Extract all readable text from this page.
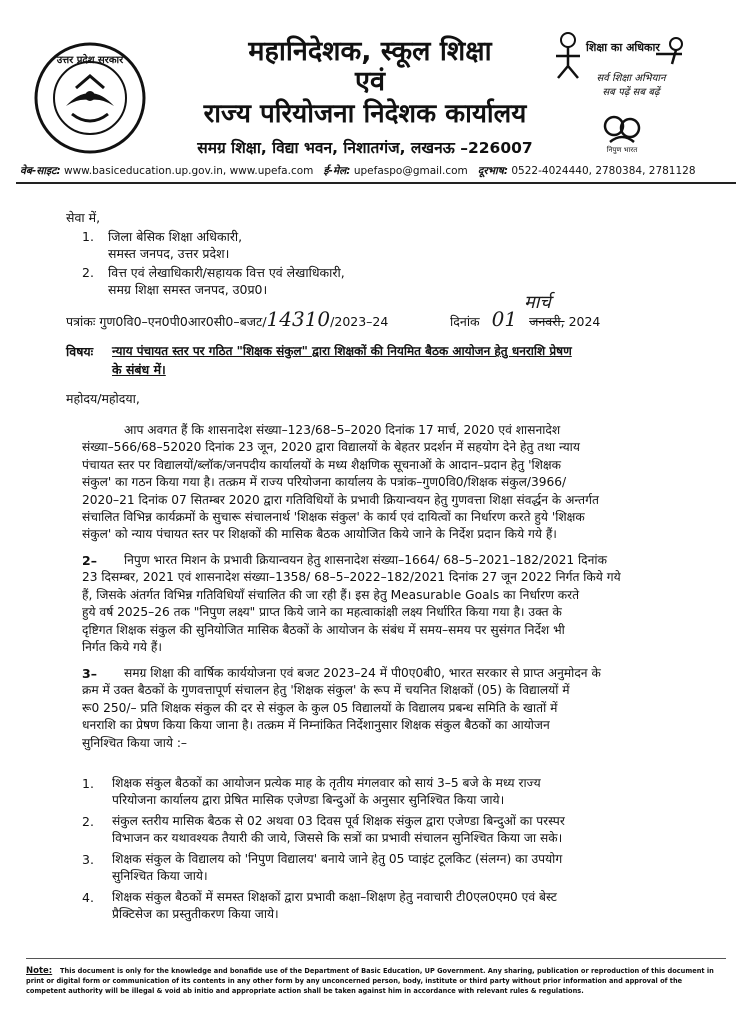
उत्तर प्रदेश सरकार	महानिदेशक, स्कूल शिक्षा
एवं
राज्य परियोजना निदेशक कार्यालय
समग्र शिक्षा, विद्या भवन, निशातगंज, लखनऊ –226007
शिक्षा का अधिकार
सर्व शिक्षा अभियान
सब पढ़ें सब बढ़ें
निपुण भारत
वेब-साइट: www.basiceducation.up.gov.in, www.upefa.com ई-मेल: upefaspo@gmail.com दूरभाष: 0522-4024440, 2780384, 2781128
सेवा में,
1. जिला बेसिक शिक्षा अधिकारी,
समस्त जनपद, उत्तर प्रदेश।
2. वित्त एवं लेखाधिकारी/सहायक वित्त एवं लेखाधिकारी,
समग्र शिक्षा समस्त जनपद, उ0प्र0।
पत्रांकः गुण0वि0–एन0पी0आर0सी0–बजट/14310/2023–24	दिनांक 01 जनवरी, 2024
मार्च
विषयः न्याय पंचायत स्तर पर गठित "शिक्षक संकुल" द्वारा शिक्षकों की नियमित बैठक आयोजन हेतु धनराशि प्रेषण
के संबंध में।
महोदय/महोदया,
आप अवगत हैं कि शासनादेश संख्या–123/68–5–2020 दिनांक 17 मार्च, 2020 एवं शासनादेश
संख्या–566/68–52020 दिनांक 23 जून, 2020 द्वारा विद्यालयों के बेहतर प्रदर्शन में सहयोग देने हेतु तथा न्याय
पंचायत स्तर पर विद्यालयों/ब्लॉक/जनपदीय कार्यालयों के मध्य शैक्षणिक सूचनाओं के आदान–प्रदान हेतु 'शिक्षक
संकुल' का गठन किया गया है। तत्क्रम में राज्य परियोजना कार्यालय के पत्रांक–गुण0वि0/शिक्षक संकुल/3966/
2020–21 दिनांक 07 सितम्बर 2020 द्वारा गतिविधियों के प्रभावी क्रियान्वयन हेतु गुणवत्ता शिक्षा संवर्द्धन के अन्तर्गत
संचालित विभिन्न कार्यक्रमों के सुचारू संचालनार्थ 'शिक्षक संकुल' के कार्य एवं दायित्वों का निर्धारण करते हुये 'शिक्षक
संकुल' को न्याय पंचायत स्तर पर शिक्षकों की मासिक बैठक आयोजित किये जाने के निर्देश प्रदान किये गये हैं।
2–	निपुण भारत मिशन के प्रभावी क्रियान्वयन हेतु शासनादेश संख्या–1664/ 68–5–2021–182/2021 दिनांक
23 दिसम्बर, 2021 एवं शासनादेश संख्या–1358/ 68–5–2022–182/2021 दिनांक 27 जून 2022 निर्गत किये गये
हैं, जिसके अंतर्गत विभिन्न गतिविधियाँ संचालित की जा रही हैं। इस हेतु Measurable Goals का निर्धारण करते
हुये वर्ष 2025–26 तक "निपुण लक्ष्य" प्राप्त किये जाने का महत्वाकांक्षी लक्ष्य निर्धारित किया गया है। उक्त के
दृष्टिगत शिक्षक संकुल की सुनियोजित मासिक बैठकों के आयोजन के संबंध में समय–समय पर सुसंगत निर्देश भी
निर्गत किये गये हैं।
3–	समग्र शिक्षा की वार्षिक कार्ययोजना एवं बजट 2023–24 में पी0ए0बी0, भारत सरकार से प्राप्त अनुमोदन के
क्रम में उक्त बैठकों के गुणवत्तापूर्ण संचालन हेतु 'शिक्षक संकुल' के रूप में चयनित शिक्षकों (05) के विद्यालयों में
रू0 250/– प्रति शिक्षक संकुल की दर से संकुल के कुल 05 विद्यालयों के विद्यालय प्रबन्ध समिति के खातों में
धनराशि का प्रेषण किया किया जाना है। तत्क्रम में निम्नांकित निर्देशानुसार शिक्षक संकुल बैठकों का आयोजन
सुनिश्चित किया जाये :–
1. शिक्षक संकुल बैठकों का आयोजन प्रत्येक माह के तृतीय मंगलवार को सायं 3–5 बजे के मध्य राज्य
परियोजना कार्यालय द्वारा प्रेषित मासिक एजेण्डा बिन्दुओं के अनुसार सुनिश्चित किया जाये।
2. संकुल स्तरीय मासिक बैठक से 02 अथवा 03 दिवस पूर्व शिक्षक संकुल द्वारा एजेण्डा बिन्दुओं का परस्पर
विभाजन कर यथावश्यक तैयारी की जाये, जिससे कि सत्रों का प्रभावी संचालन सुनिश्चित किया जा सके।
3. शिक्षक संकुल के विद्यालय को 'निपुण विद्यालय' बनाये जाने हेतु 05 प्वाइंट टूलकिट (संलग्न) का उपयोग
सुनिश्चित किया जाये।
4. शिक्षक संकुल बैठकों में समस्त शिक्षकों द्वारा प्रभावी कक्षा–शिक्षण हेतु नवाचारी टी0एल0एम0 एवं बेस्ट
प्रैक्टिसेज का प्रस्तुतीकरण किया जाये।
Note:	This document is only for the knowledge and bonafide use of the Department of Basic Education, UP Government. Any sharing, publication or reproduction of this document in print or digital form or communication of its contents in any other form by any unconcerned person, body, institute or third party without prior information and approval of the competent authority will be illegal & void ab initio and appropriate action shall be taken against him in accordance with relevant rules & regulations.
